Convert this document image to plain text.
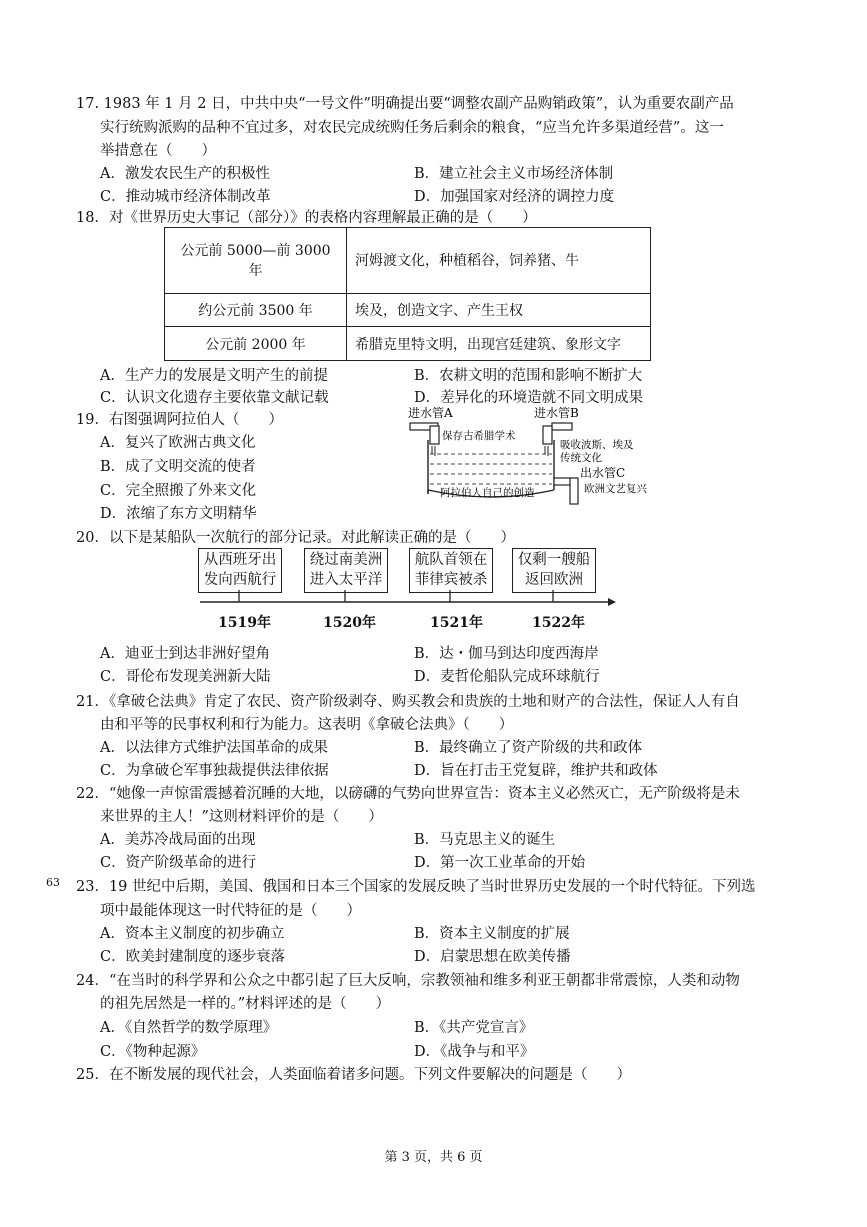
17. 1983 年 1 月 2 日，中共中央“一号文件”明确提出要“调整农副产品购销政策”，认为重要农副产品
实行统购派购的品种不宜过多，对农民完成统购任务后剩余的粮食，“应当允许多渠道经营”。这一
举措意在（　　）
A．激发农民生产的积极性	B．建立社会主义市场经济体制
C．推动城市经济体制改革	D．加强国家对经济的调控力度
18．对《世界历史大事记（部分）》的表格内容理解最正确的是（　　）
公元前 5000—前 3000 年	河姆渡文化，种植稻谷，饲养猪、牛
约公元前 3500 年	埃及，创造文字、产生王权
公元前 2000 年	希腊克里特文明，出现宫廷建筑、象形文字
A．生产力的发展是文明产生的前提	B．农耕文明的范围和影响不断扩大
C．认识文化遗存主要依靠文献记载	D．差异化的环境造就不同文明成果
19．右图强调阿拉伯人（　　）
A．复兴了欧洲古典文化
B．成了文明交流的使者
C．完全照搬了外来文化
D．浓缩了东方文明精华
进水管A	进水管B
保存古希腊学术
吸收波斯、埃及
传统文化
出水管C
欧洲文艺复兴
阿拉伯人自己的创造
20．以下是某船队一次航行的部分记录。对此解读正确的是（　　）
从西班牙出
发向西航行
绕过南美洲
进入太平洋
航队首领在
菲律宾被杀
仅剩一艘船
返回欧洲
1519年	1520年	1521年	1522年
A．迪亚士到达非洲好望角	B．达・伽马到达印度西海岸
C．哥伦布发现美洲新大陆	D．麦哲伦船队完成环球航行
21．《拿破仑法典》肯定了农民、资产阶级剥夺、购买教会和贵族的土地和财产的合法性，保证人人有自
由和平等的民事权利和行为能力。这表明《拿破仑法典》（　　）
A．以法律方式维护法国革命的成果	B．最终确立了资产阶级的共和政体
C．为拿破仑军事独裁提供法律依据	D．旨在打击王党复辟，维护共和政体
22．“她像一声惊雷震撼着沉睡的大地，以磅礴的气势向世界宣告：资本主义必然灭亡，无产阶级将是未
来世界的主人！”这则材料评价的是（　　）
A．美苏冷战局面的出现	B．马克思主义的诞生
C．资产阶级革命的进行	D．第一次工业革命的开始
63 23．19 世纪中后期，美国、俄国和日本三个国家的发展反映了当时世界历史发展的一个时代特征。下列选
项中最能体现这一时代特征的是（　　）
A．资本主义制度的初步确立	B．资本主义制度的扩展
C．欧美封建制度的逐步衰落	D．启蒙思想在欧美传播
24．“在当时的科学界和公众之中都引起了巨大反响，宗教领袖和维多利亚王朝都非常震惊，人类和动物
的祖先居然是一样的。”材料评述的是（　　）
A．《自然哲学的数学原理》	B．《共产党宣言》
C．《物种起源》	D．《战争与和平》
25．在不断发展的现代社会，人类面临着诸多问题。下列文件要解决的问题是（　　）
第 3 页，共 6 页
